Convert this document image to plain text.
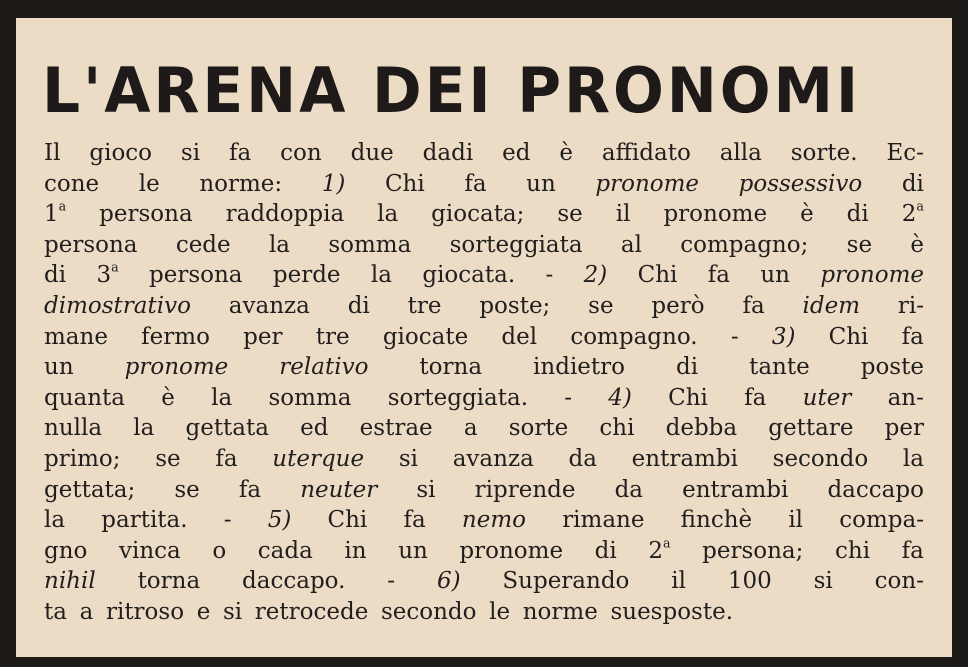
L'ARENA DEI PRONOMI
Il gioco si fa con due dadi ed è affidato alla sorte. Ec-
cone le norme: 1) Chi fa un pronome possessivo di
1$^a$ persona raddoppia la giocata; se il pronome è di 2$^a$
persona cede la somma sorteggiata al compagno; se è
di 3$^a$ persona perde la giocata. - 2) Chi fa un pronome
dimostrativo avanza di tre poste; se però fa idem ri-
mane fermo per tre giocate del compagno. - 3) Chi fa
un pronome relativo torna indietro di tante poste
quanta è la somma sorteggiata. - 4) Chi fa uter an-
nulla la gettata ed estrae a sorte chi debba gettare per
primo; se fa uterque si avanza da entrambi secondo la
gettata; se fa neuter si riprende da entrambi daccapo
la partita. - 5) Chi fa nemo rimane finchè il compa-
gno vinca o cada in un pronome di 2$^a$ persona; chi fa
nihil torna daccapo. - 6) Superando il 100 si con-
ta a ritroso e si retrocede secondo le norme suesposte.
